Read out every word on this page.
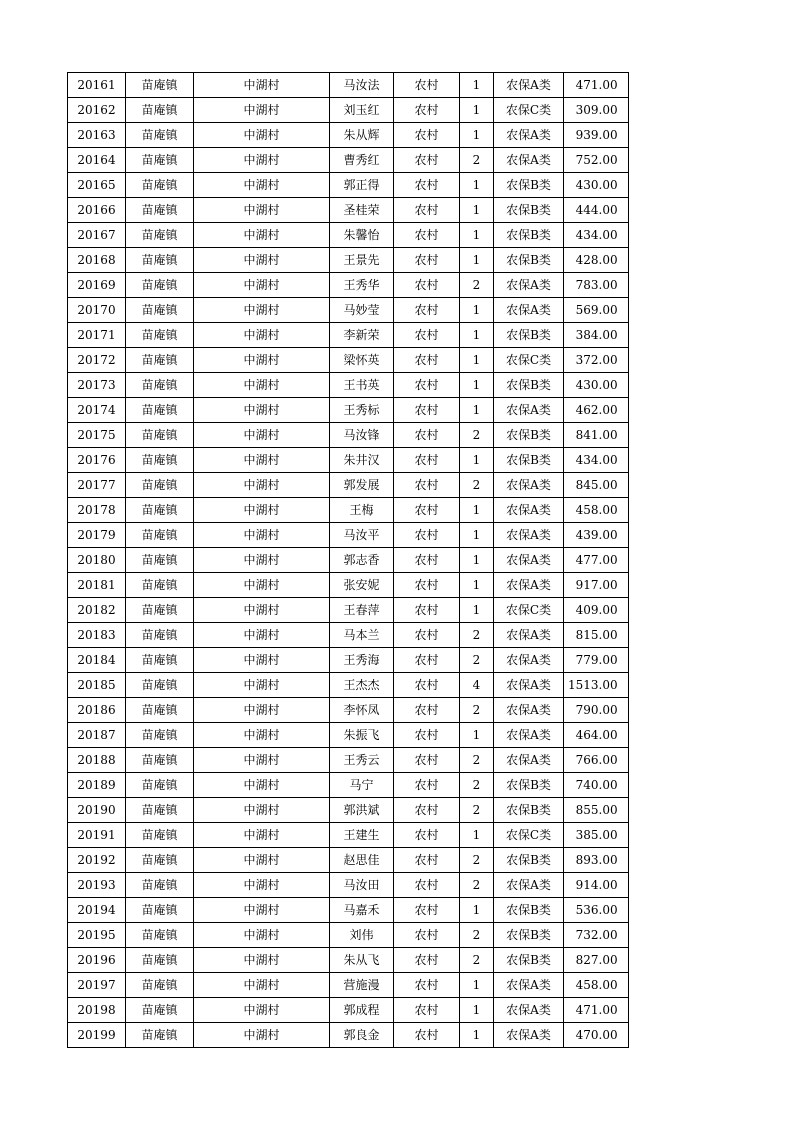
20161	苗庵镇	中湖村	马汝法	农村	1	农保A类	471.00
20162	苗庵镇	中湖村	刘玉红	农村	1	农保C类	309.00
20163	苗庵镇	中湖村	朱从辉	农村	1	农保A类	939.00
20164	苗庵镇	中湖村	曹秀红	农村	2	农保A类	752.00
20165	苗庵镇	中湖村	郭正得	农村	1	农保B类	430.00
20166	苗庵镇	中湖村	圣桂荣	农村	1	农保B类	444.00
20167	苗庵镇	中湖村	朱馨怡	农村	1	农保B类	434.00
20168	苗庵镇	中湖村	王景先	农村	1	农保B类	428.00
20169	苗庵镇	中湖村	王秀华	农村	2	农保A类	783.00
20170	苗庵镇	中湖村	马妙莹	农村	1	农保A类	569.00
20171	苗庵镇	中湖村	李新荣	农村	1	农保B类	384.00
20172	苗庵镇	中湖村	梁怀英	农村	1	农保C类	372.00
20173	苗庵镇	中湖村	王书英	农村	1	农保B类	430.00
20174	苗庵镇	中湖村	王秀标	农村	1	农保A类	462.00
20175	苗庵镇	中湖村	马汝锋	农村	2	农保B类	841.00
20176	苗庵镇	中湖村	朱井汉	农村	1	农保B类	434.00
20177	苗庵镇	中湖村	郭发展	农村	2	农保A类	845.00
20178	苗庵镇	中湖村	王梅	农村	1	农保A类	458.00
20179	苗庵镇	中湖村	马汝平	农村	1	农保A类	439.00
20180	苗庵镇	中湖村	郭志香	农村	1	农保A类	477.00
20181	苗庵镇	中湖村	张安妮	农村	1	农保A类	917.00
20182	苗庵镇	中湖村	王春萍	农村	1	农保C类	409.00
20183	苗庵镇	中湖村	马本兰	农村	2	农保A类	815.00
20184	苗庵镇	中湖村	王秀海	农村	2	农保A类	779.00
20185	苗庵镇	中湖村	王杰杰	农村	4	农保A类	1513.00
20186	苗庵镇	中湖村	李怀凤	农村	2	农保A类	790.00
20187	苗庵镇	中湖村	朱振飞	农村	1	农保A类	464.00
20188	苗庵镇	中湖村	王秀云	农村	2	农保A类	766.00
20189	苗庵镇	中湖村	马宁	农村	2	农保B类	740.00
20190	苗庵镇	中湖村	郭洪斌	农村	2	农保B类	855.00
20191	苗庵镇	中湖村	王建生	农村	1	农保C类	385.00
20192	苗庵镇	中湖村	赵思佳	农村	2	农保B类	893.00
20193	苗庵镇	中湖村	马汝田	农村	2	农保A类	914.00
20194	苗庵镇	中湖村	马嘉禾	农村	1	农保B类	536.00
20195	苗庵镇	中湖村	刘伟	农村	2	农保B类	732.00
20196	苗庵镇	中湖村	朱从飞	农村	2	农保B类	827.00
20197	苗庵镇	中湖村	营施漫	农村	1	农保A类	458.00
20198	苗庵镇	中湖村	郭成程	农村	1	农保A类	471.00
20199	苗庵镇	中湖村	郭良金	农村	1	农保A类	470.00
